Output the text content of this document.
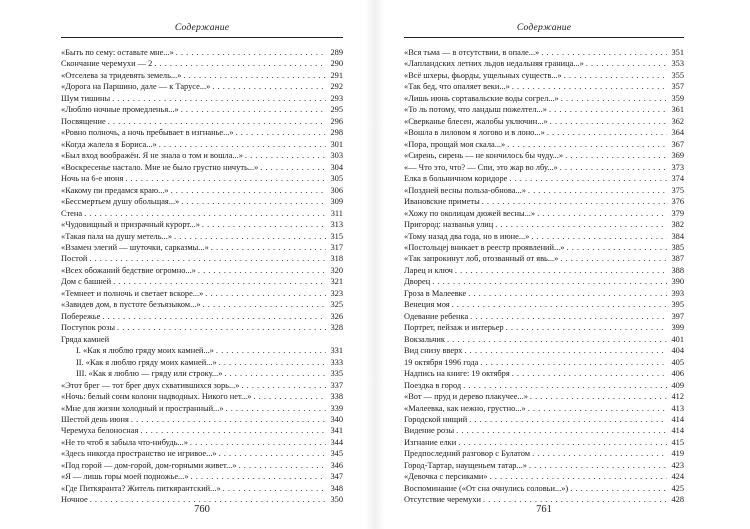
Содержание
«Быть по сему: оставьте мне...» . . .	289
Скончание черемухи — 2 . . .	290
«Отселева за тридевять земель...» . . .	291
«Дорога на Паршино, дале — к Тарусе...» . . .	292
Шум тишины . . .	293
«Люблю ночные промедленья...» . . .	295
Посвящение . . .	296
«Ровно полночь, а ночь пребывает в изгнанье...» . . .	298
«Когда жалела я Бориса...» . . .	301
«Был вход воображён. Я не знала о том и вошла...» . . .	303
«Воскресенье настало. Мне не было грустно ничуть...» . . .	304
Ночь на 6-е июня . . .	305
«Какому пи предамся краю...» . . .	306
«Бессмертьем душу обольщая...» . . .	309
Стена . . .	311
«Чудовищный и призрачный курорт...» . . .	313
«Такая пала на душу метель...» . . .	315
«Взамен элегий — шуточки, сарказмы...» . . .	317
Постой . . .	318
«Всех обожаний бедствие огромно...» . . .	320
Дом с башней . . .	321
«Темнеет и полночь и светает вскоре...» . . .	323
«Завидев дом, в пустоте безъязыком...» . . .	325
Побережье . . .	326
Поступок розы . . .	328
Гряда камней
I. «Как я люблю гряду моих камней...» . . .	331
II. «Как я люблю гряду моих камней...» . . .	333
III. «Как я люблю — гряду или строку...» . . .	335
«Этот брег — тот брег двух схватившихся зорь...» . . .	337
«Ночь: белый сонм колонн надводных. Никого нет...» . . .	338
«Мне для жизни холодный и пространный...» . . .	339
Шестой день июня . . .	340
Черемуха белоносная . . .	341
«Не то чтоб я забыла что-нибудь...» . . .	344
«Здесь никогда пространство не игривое...» . . .	345
«Под горой — дом-горой, дом-горными живет...» . . .	346
«Я — лишь горы моей подножье...» . . .	347
«Где Питкяранта? Житель питкярантский...» . . .	348
Ночное . . .	350
760
Содержание
«Вся тьма — в отсутствии, в опале...» . . .	351
«Лапландских летних льдов недальняя граница...» . . .	353
«Всё шхеры, фьорды, ущельных существ...» . . .	355
«Так бед, что опаляет веки...» . . .	357
«Лишь июнь сортавальские воды согрел...» . . .	359
«То ль потому, что ландыш пожелтел...» . . .	361
«Сверканье блесен, жалобы уключин...» . . .	362
«Вошла в лиловом я логово и в лоно...» . . .	364
«Пора, прощай моя скала...» . . .	367
«Сирень, сирень — не кончилось бы чуду...» . . .	369
«— Что это, что? — Спи, это жар во лбу...» . . .	373
Елка в больничном коридоре . . .	374
«Поздней весны польза-обнова...» . . .	375
Ивановские приметы . . .	376
«Хожу по околицам дюжей весны...» . . .	379
Пригород: названья улиц . . .	382
«Тому назад два года, но в июне...» . . .	384
«Постольцеj вникает в реестр проявлений...» . . .	385
«Так запрокинут лоб, отозванный от явь...» . . .	387
Ларец и ключ . . .	388
Дворец . . .	390
Гроза в Малеевке . . .	393
Венеция моя . . .	395
Одевание ребенка . . .	397
Портрет, пейзаж и интерьер . . .	399
Вокзальчик . . .	401
Вид снизу вверх . . .	404
19 октября 1996 года . . .	405
Надпись на книге: 19 октября . . .	406
Поездка в город . . .	409
«Вот — пруд и дерево плакучее...» . . .	412
«Малеевка, как нежно, грустно...» . . .	413
Городской нищий . . .	414
Видение розы . . .	414
Изгнание елки . . .	415
Предпоследний разговор с Булатом . . .	419
Город-Тартар, наущеньем татар...» . . .	423
«Девочка с персиками» . . .	424
Воспоминание («От сна очнулись соловьи...») . . .	425
Отсутствие черемухи . . .	428
761
